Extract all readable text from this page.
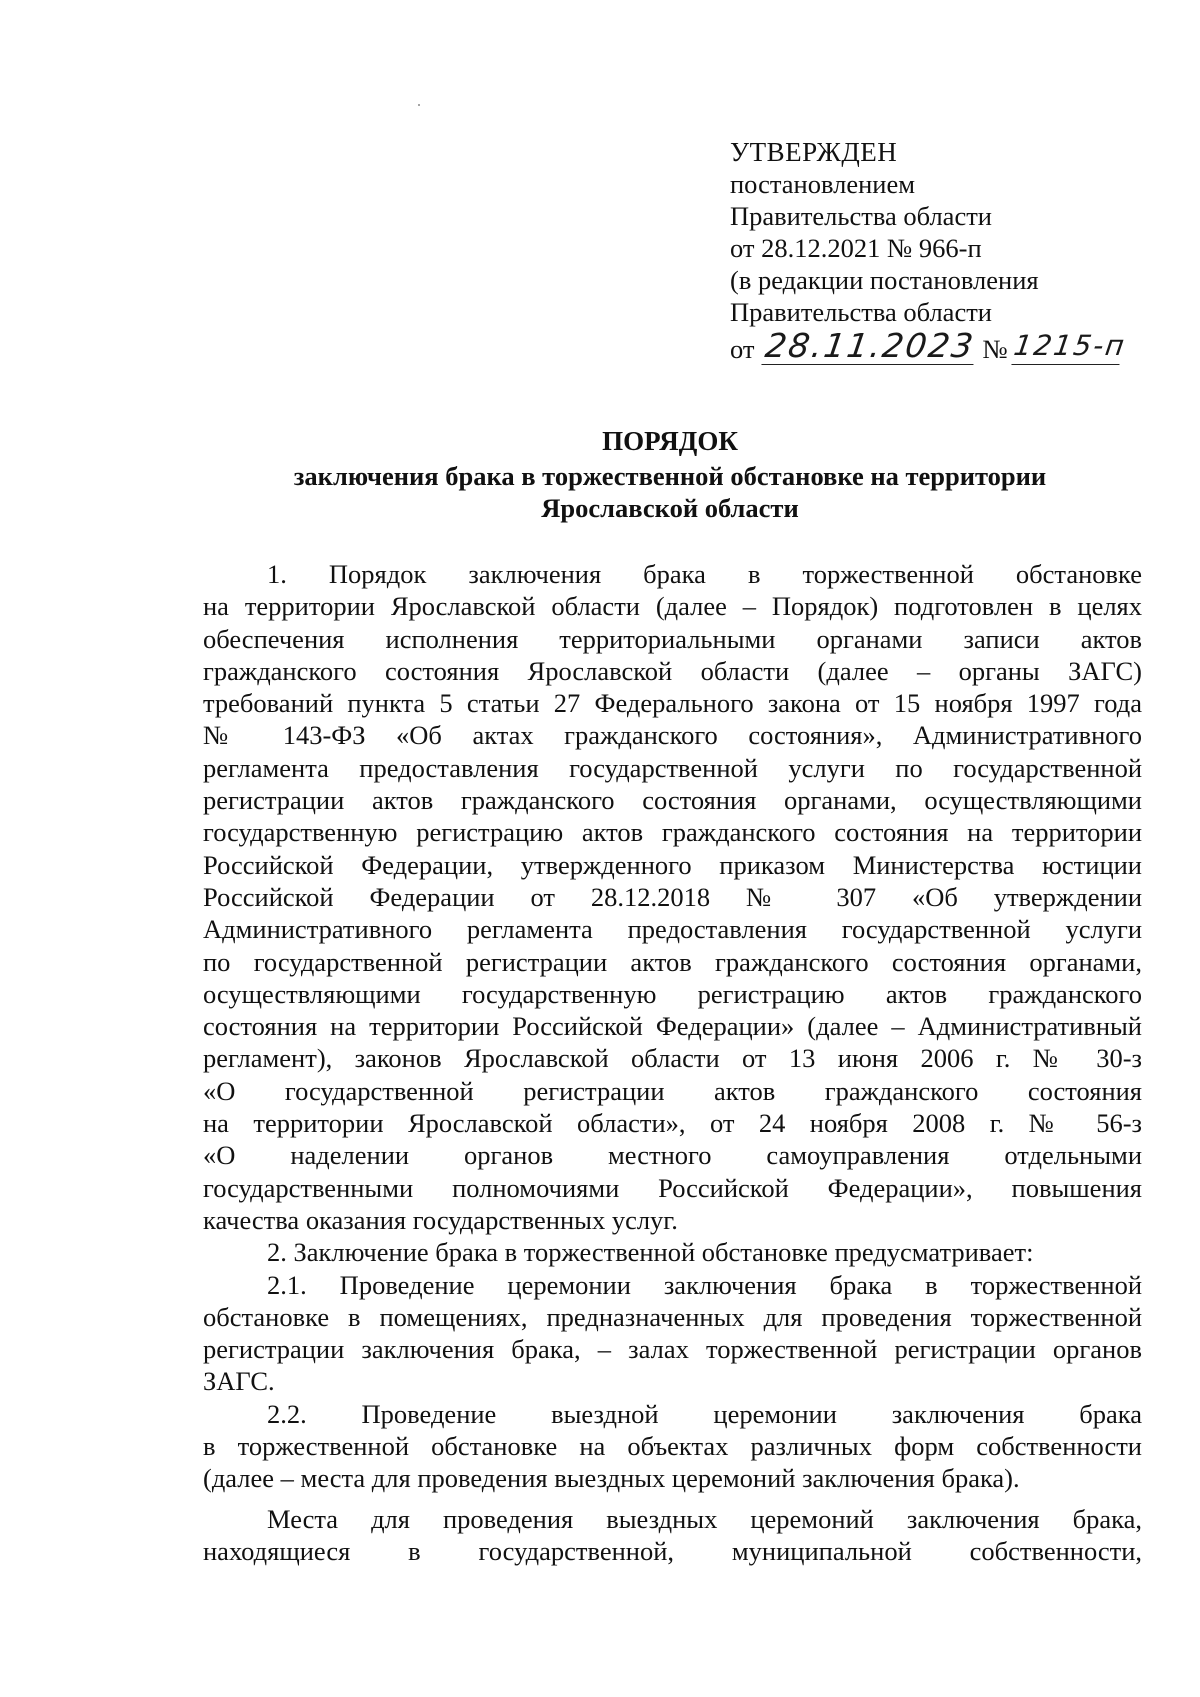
УТВЕРЖДЕН
постановлением
Правительства области
от 28.12.2021 № 966-п
(в редакции постановления
Правительства области
от 28.11.2023 № 1215-п
ПОРЯДОК
заключения брака в торжественной обстановке на территории
Ярославской области
1. Порядок заключения брака в торжественной обстановке
на территории Ярославской области (далее – Порядок) подготовлен в целях
обеспечения исполнения территориальными органами записи актов
гражданского состояния Ярославской области (далее – органы ЗАГС)
требований пункта 5 статьи 27 Федерального закона от 15 ноября 1997 года
№ 143-ФЗ «Об актах гражданского состояния», Административного
регламента предоставления государственной услуги по государственной
регистрации актов гражданского состояния органами, осуществляющими
государственную регистрацию актов гражданского состояния на территории
Российской Федерации, утвержденного приказом Министерства юстиции
Российской Федерации от 28.12.2018 № 307 «Об утверждении
Административного регламента предоставления государственной услуги
по государственной регистрации актов гражданского состояния органами,
осуществляющими государственную регистрацию актов гражданского
состояния на территории Российской Федерации» (далее – Административный
регламент), законов Ярославской области от 13 июня 2006 г. № 30-з
«О государственной регистрации актов гражданского состояния
на территории Ярославской области», от 24 ноября 2008 г. № 56-з
«О наделении органов местного самоуправления отдельными
государственными полномочиями Российской Федерации», повышения
качества оказания государственных услуг.
2. Заключение брака в торжественной обстановке предусматривает:
2.1. Проведение церемонии заключения брака в торжественной
обстановке в помещениях, предназначенных для проведения торжественной
регистрации заключения брака, – залах торжественной регистрации органов
ЗАГС.
2.2. Проведение выездной церемонии заключения брака
в торжественной обстановке на объектах различных форм собственности
(далее – места для проведения выездных церемоний заключения брака).
Места для проведения выездных церемоний заключения брака,
находящиеся в государственной, муниципальной собственности,
